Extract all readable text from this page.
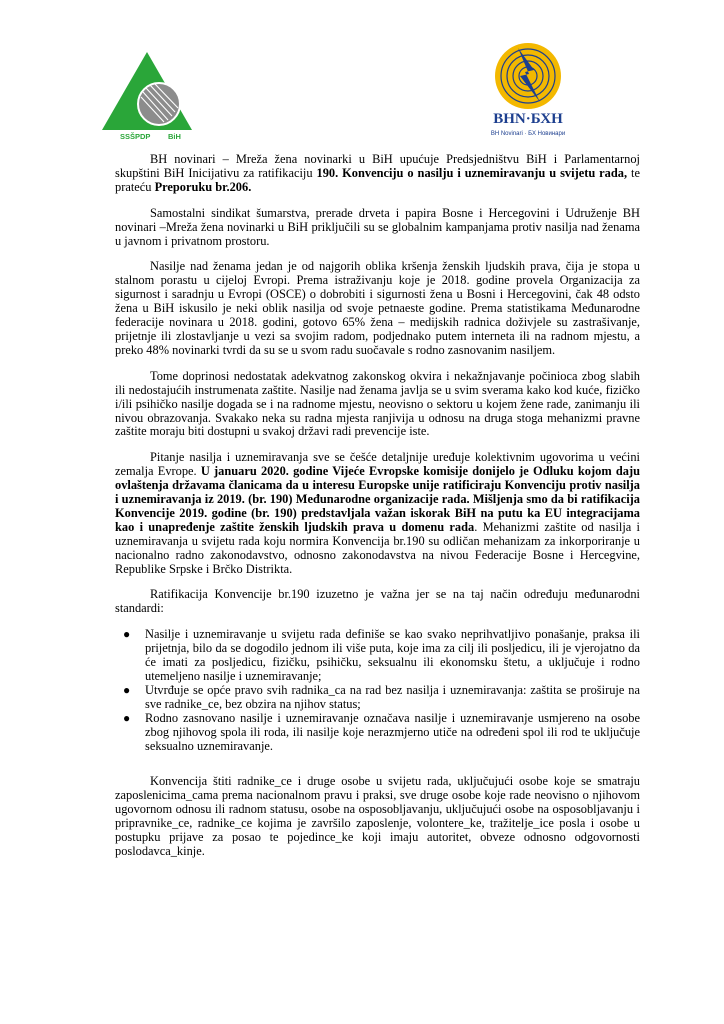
SSŠPDP BiH
BHN·БХН
BH Novinari · БХ Новинари

BH novinari – Mreža žena novinarki u BiH upućuje Predsjedništvu BiH i Parlamentarnoj skupštini BiH Inicijativu za ratifikaciju 190. Konvenciju o nasilju i uznemiravanju u svijetu rada, te prateću Preporuku br.206.

Samostalni sindikat šumarstva, prerade drveta i papira Bosne i Hercegovini i Udruženje BH novinari –Mreža žena novinarki u BiH priključili su se globalnim kampanjama protiv nasilja nad ženama u javnom i privatnom prostoru.

Nasilje nad ženama jedan je od najgorih oblika kršenja ženskih ljudskih prava, čija je stopa u stalnom porastu u cijeloj Evropi. Prema istraživanju koje je 2018. godine provela Organizacija za sigurnost i saradnju u Evropi (OSCE) o dobrobiti i sigurnosti žena u Bosni i Hercegovini, čak 48 odsto žena u BiH iskusilo je neki oblik nasilja od svoje petnaeste godine. Prema statistikama Međunarodne federacije novinara u 2018. godini, gotovo 65% žena – medijskih radnica doživjele su zastrašivanje, prijetnje ili zlostavljanje u vezi sa svojim radom, podjednako putem interneta ili na radnom mjestu, a preko 48% novinarki tvrdi da su se u svom radu suočavale s rodno zasnovanim nasiljem.

Tome doprinosi nedostatak adekvatnog zakonskog okvira i nekažnjavanje počinioca zbog slabih ili nedostajućih instrumenata zaštite. Nasilje nad ženama javlja se u svim sverama kako kod kuće, fizičko i/ili psihičko nasilje dogada se i na radnome mjestu, neovisno o sektoru u kojem žene rade, zanimanju ili nivou obrazovanja. Svakako neka su radna mjesta ranjivija u odnosu na druga stoga mehanizmi pravne zaštite moraju biti dostupni u svakoj državi radi prevencije iste.

Pitanje nasilja i uznemiravanja sve se češće detaljnije uređuje kolektivnim ugovorima u većini zemalja Evrope. U januaru 2020. godine Vijeće Evropske komisije donijelo je Odluku kojom daju ovlaštenja državama članicama da u interesu Europske unije ratificiraju Konvenciju protiv nasilja i uznemiravanja iz 2019. (br. 190) Međunarodne organizacije rada. Mišljenja smo da bi ratifikacija Konvencije 2019. godine (br. 190) predstavljala važan iskorak BiH na putu ka EU integracijama kao i unapređenje zaštite ženskih ljudskih prava u domenu rada. Mehanizmi zaštite od nasilja i uznemiravanja u svijetu rada koju normira Konvencija br.190 su odličan mehanizam za inkorporiranje u nacionalno radno zakonodavstvo, odnosno zakonodavstva na nivou Federacije Bosne i Hercegvine, Republike Srpske i Brčko Distrikta.

Ratifikacija Konvencije br.190 izuzetno je važna jer se na taj način određuju međunarodni standardi:

● Nasilje i uznemiravanje u svijetu rada definiše se kao svako neprihvatljivo ponašanje, praksa ili prijetnja, bilo da se dogodilo jednom ili više puta, koje ima za cilj ili posljedicu, ili je vjerojatno da će imati za posljedicu, fizičku, psihičku, seksualnu ili ekonomsku štetu, a uključuje i rodno utemeljeno nasilje i uznemiravanje;
● Utvrđuje se opće pravo svih radnika_ca na rad bez nasilja i uznemiravanja: zaštita se proširuje na sve radnike_ce, bez obzira na njihov status;
● Rodno zasnovano nasilje i uznemiravanje označava nasilje i uznemiravanje usmjereno na osobe zbog njihovog spola ili roda, ili nasilje koje nerazmjerno utiče na određeni spol ili rod te uključuje seksualno uznemiravanje.

Konvencija štiti radnike_ce i druge osobe u svijetu rada, uključujući osobe koje se smatraju zaposlenicima_cama prema nacionalnom pravu i praksi, sve druge osobe koje rade neovisno o njihovom ugovornom odnosu ili radnom statusu, osobe na osposobljavanju, uključujući osobe na osposobljavanju i pripravnike_ce, radnike_ce kojima je završilo zaposlenje, volontere_ke, tražitelje_ice posla i osobe u postupku prijave za posao te pojedince_ke koji imaju autoritet, obveze odnosno odgovornosti poslodavca_kinje.
